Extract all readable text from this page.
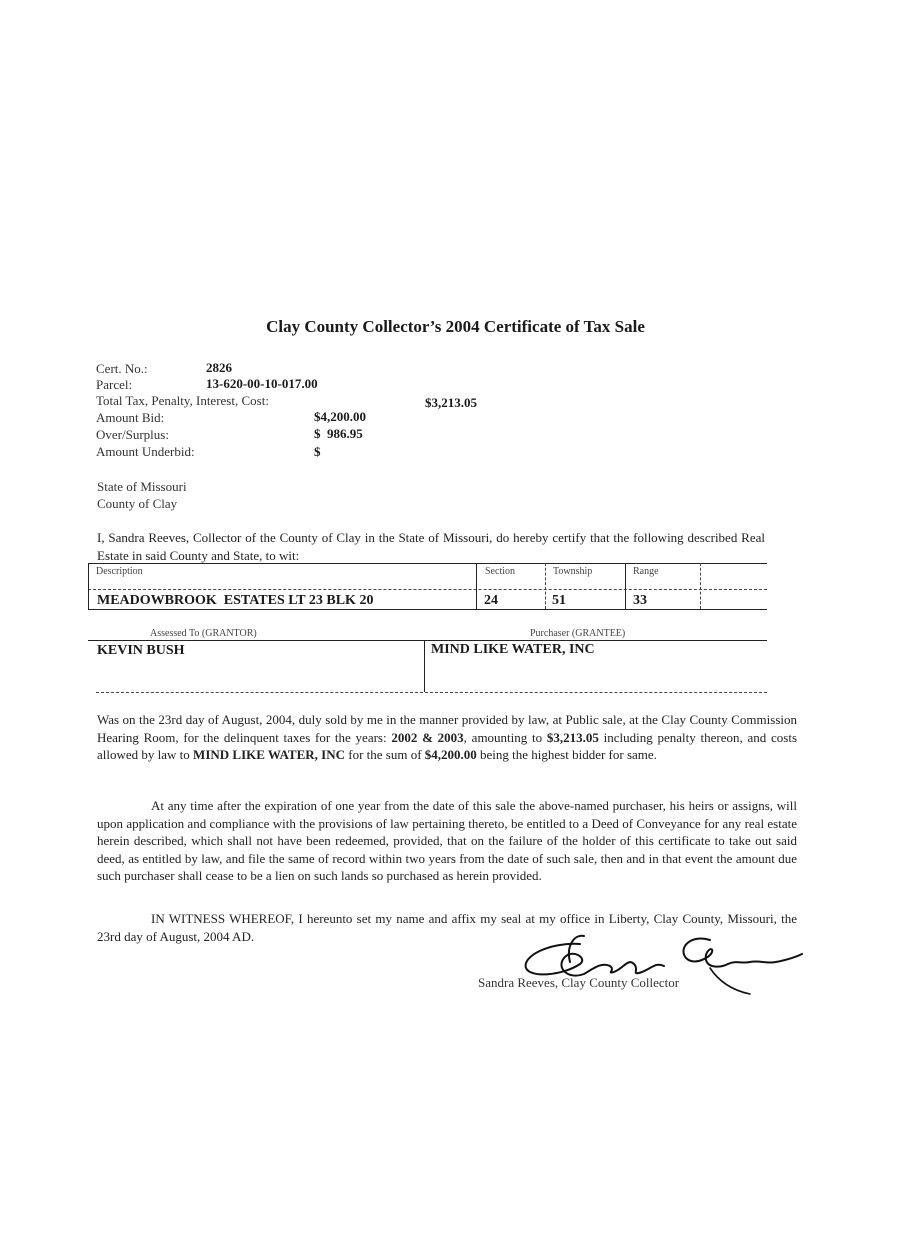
Clay County Collector’s 2004 Certificate of Tax Sale
Cert. No.:	2826
Parcel:	13-620-00-10-017.00
Total Tax, Penalty, Interest, Cost:	$3,213.05
Amount Bid:	$4,200.00
Over/Surplus:	$  986.95
Amount Underbid:	$
State of Missouri
County of Clay
I, Sandra Reeves, Collector of the County of Clay in the State of Missouri, do hereby certify that the following described Real Estate in said County and State, to wit:
Description	Section	Township	Range
MEADOWBROOK  ESTATES LT 23 BLK 20	24	51	33
Assessed To (GRANTOR)	Purchaser (GRANTEE)
KEVIN BUSH	MIND LIKE WATER, INC
Was on the 23rd day of August, 2004, duly sold by me in the manner provided by law, at Public sale, at the Clay County Commission Hearing Room, for the delinquent taxes for the years: 2002 & 2003, amounting to $3,213.05 including penalty thereon, and costs allowed by law to MIND LIKE WATER, INC for the sum of $4,200.00 being the highest bidder for same.
At any time after the expiration of one year from the date of this sale the above-named purchaser, his heirs or assigns, will upon application and compliance with the provisions of law pertaining thereto, be entitled to a Deed of Conveyance for any real estate herein described, which shall not have been redeemed, provided, that on the failure of the holder of this certificate to take out said deed, as entitled by law, and file the same of record within two years from the date of such sale, then and in that event the amount due such purchaser shall cease to be a lien on such lands so purchased as herein provided.
IN WITNESS WHEREOF, I hereunto set my name and affix my seal at my office in Liberty, Clay County, Missouri, the 23rd day of August, 2004 AD.
Sandra Reeves, Clay County Collector
